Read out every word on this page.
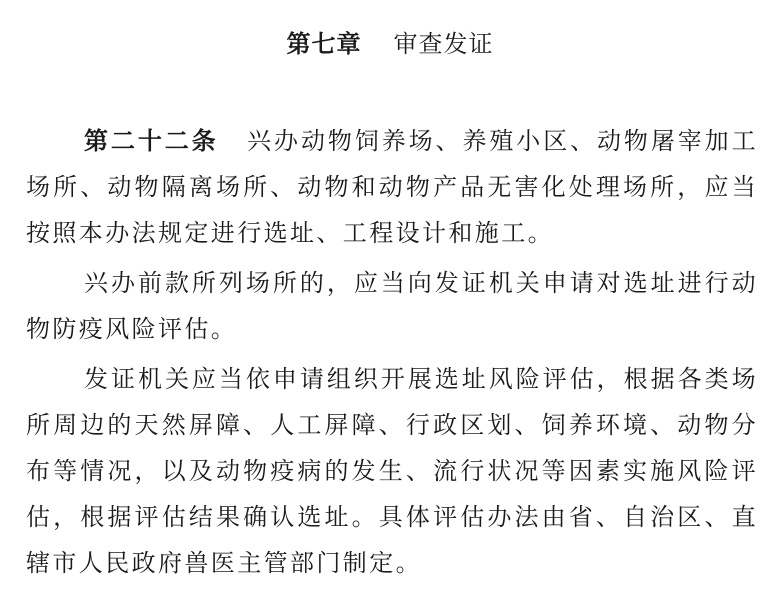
第七章 审查发证

第二十二条 兴办动物饲养场、养殖小区、动物屠宰加工场所、动物隔离场所、动物和动物产品无害化处理场所，应当按照本办法规定进行选址、工程设计和施工。

兴办前款所列场所的，应当向发证机关申请对选址进行动物防疫风险评估。

发证机关应当依申请组织开展选址风险评估，根据各类场所周边的天然屏障、人工屏障、行政区划、饲养环境、动物分布等情况，以及动物疫病的发生、流行状况等因素实施风险评估，根据评估结果确认选址。具体评估办法由省、自治区、直辖市人民政府兽医主管部门制定。
